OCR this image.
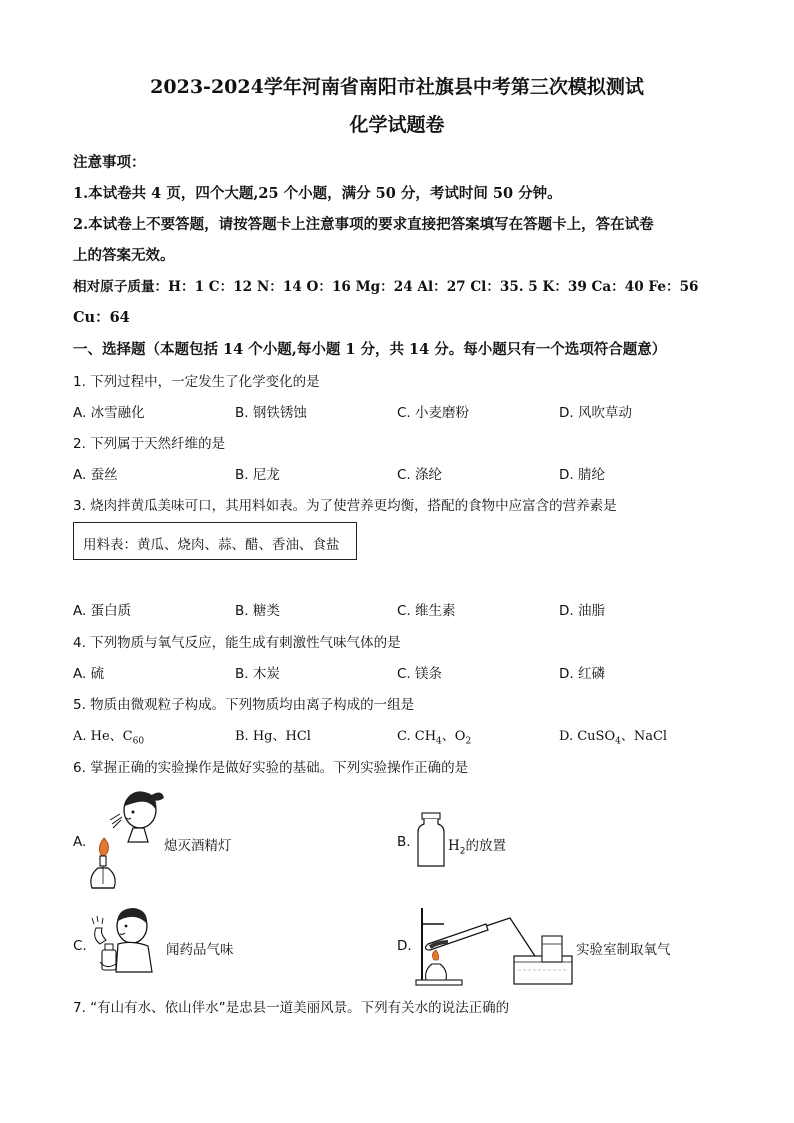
2023-2024学年河南省南阳市社旗县中考第三次模拟测试
化学试题卷
注意事项：
1.本试卷共 4 页，四个大题,25 个小题，满分 50 分，考试时间 50 分钟。
2.本试卷上不要答题，请按答题卡上注意事项的要求直接把答案填写在答题卡上，答在试卷
上的答案无效。
相对原子质量：H：1 C：12 N：14 O：16 Mg：24 Al：27 Cl：35. 5 K：39 Ca：40 Fe：56
Cu：64
一、选择题（本题包括 14 个小题,每小题 1 分，共 14 分。每小题只有一个选项符合题意）
1. 下列过程中，一定发生了化学变化的是
A. 冰雪融化	B. 钢铁锈蚀	C. 小麦磨粉	D. 风吹草动
2. 下列属于天然纤维的是
A. 蚕丝	B. 尼龙	C. 涤纶	D. 腈纶
3. 烧肉拌黄瓜美味可口，其用料如表。为了使营养更均衡，搭配的食物中应富含的营养素是
用料表：黄瓜、烧肉、蒜、醋、香油、食盐
A. 蛋白质	B. 糖类	C. 维生素	D. 油脂
4. 下列物质与氧气反应，能生成有刺激性气味气体的是
A. 硫	B. 木炭	C. 镁条	D. 红磷
5. 物质由微观粒子构成。下列物质均由离子构成的一组是
A. He、$C_{60}$	B. Hg、HCl	C. $CH_4$、$O_2$	D. CuSO$_4$、NaCl
6. 掌握正确的实验操作是做好实验的基础。下列实验操作正确的是
A.	熄灭酒精灯	B.	$H_2$的放置
C.	闻药品气味	D.	实验室制取氧气
7. “有山有水、依山伴水”是忠县一道美丽风景。下列有关水的说法正确的
